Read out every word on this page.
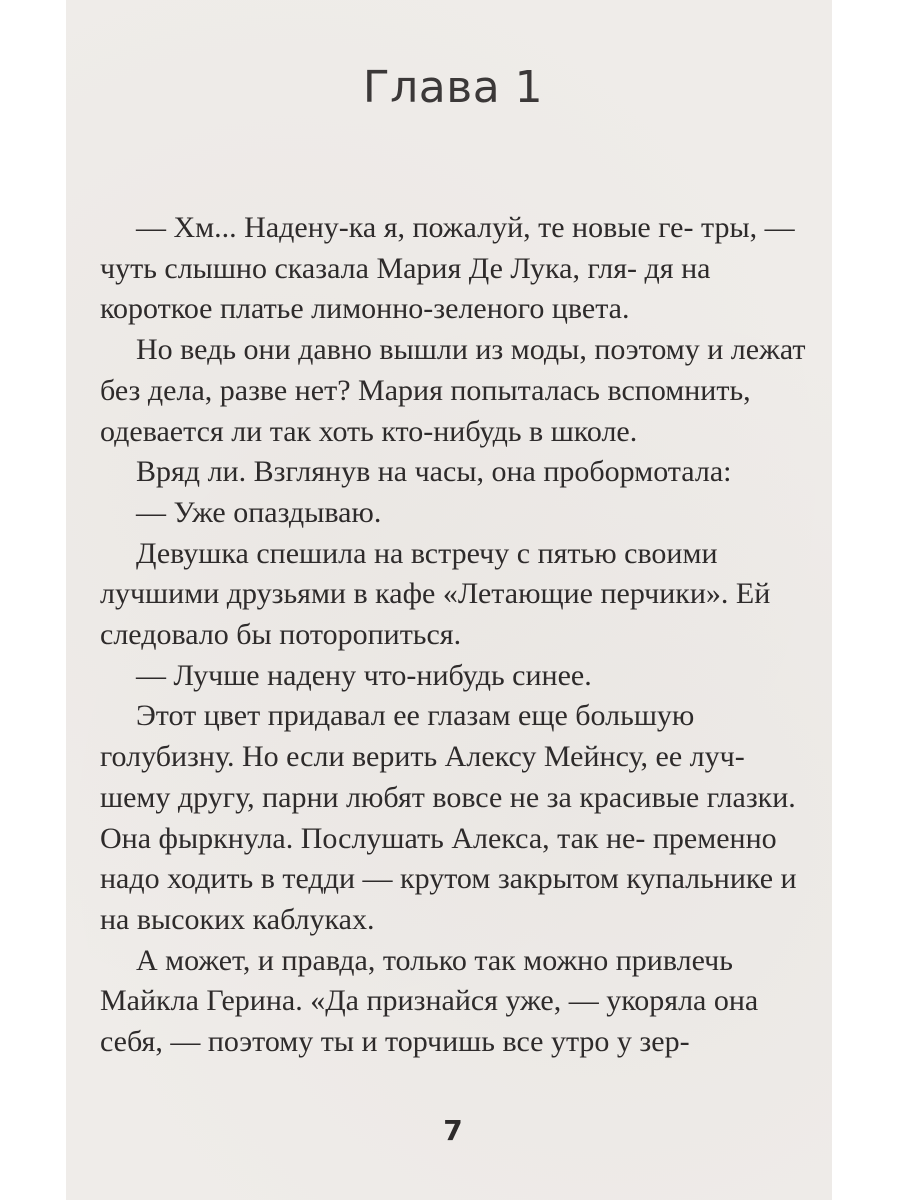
Глава 1
— Хм... Надену-ка я, пожалуй, те новые ге- тры, — чуть слышно сказала Мария Де Лука, гля- дя на короткое платье лимонно-зеленого цвета.
Но ведь они давно вышли из моды, поэтому и лежат без дела, разве нет? Мария попыталась вспомнить, одевается ли так хоть кто-нибудь в школе.
Вряд ли. Взглянув на часы, она пробормотала:
— Уже опаздываю.
Девушка спешила на встречу с пятью своими лучшими друзьями в кафе «Летающие перчики». Ей следовало бы поторопиться.
— Лучше надену что-нибудь синее.
Этот цвет придавал ее глазам еще большую голубизну. Но если верить Алексу Мейнсу, ее луч- шему другу, парни любят вовсе не за красивые глазки. Она фыркнула. Послушать Алекса, так не- пременно надо ходить в тедди — крутом закрытом купальнике и на высоких каблуках.
А может, и правда, только так можно привлечь Майкла Герина. «Да признайся уже, — укоряла она себя, — поэтому ты и торчишь все утро у зер-
7
